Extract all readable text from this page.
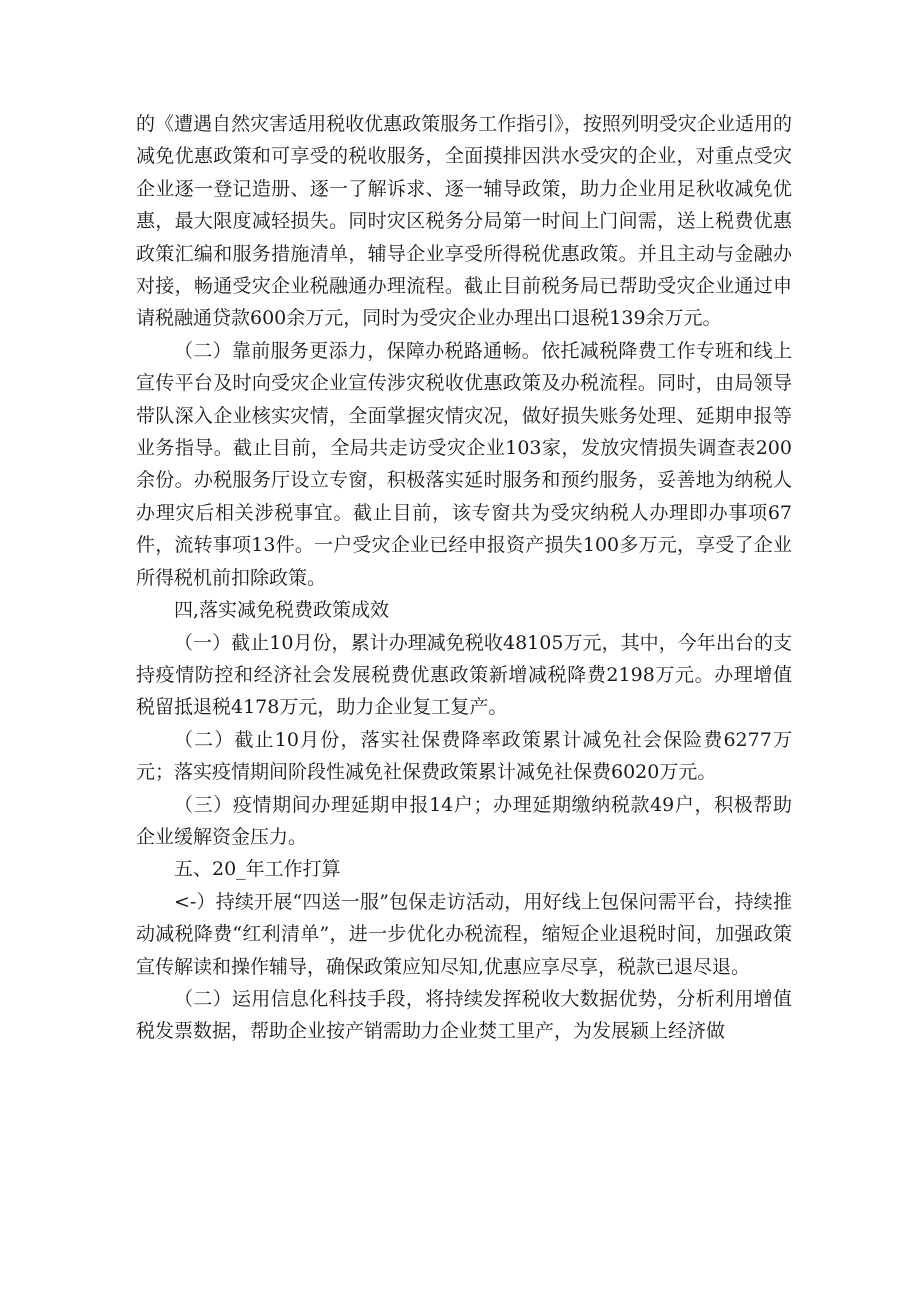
的《遭遇自然灾害适用税收优惠政策服务工作指引》，按照列明受灾企业适用的减免优惠政策和可享受的税收服务，全面摸排因洪水受灾的企业，对重点受灾企业逐一登记造册、逐一了解诉求、逐一辅导政策，助力企业用足秋收减免优惠，最大限度减轻损失。同时灾区税务分局第一时间上门间需，送上税费优惠政策汇编和服务措施清单，辅导企业享受所得税优惠政策。并且主动与金融办对接，畅通受灾企业税融通办理流程。截止目前税务局已帮助受灾企业通过申请税融通贷款600余万元，同时为受灾企业办理出口退税139余万元。

（二）靠前服务更添力，保障办税路通畅。依托减税降费工作专班和线上宣传平台及时向受灾企业宣传涉灾税收优惠政策及办税流程。同时，由局领导带队深入企业核实灾情，全面掌握灾情灾况，做好损失账务处理、延期申报等业务指导。截止目前，全局共走访受灾企业103家，发放灾情损失调查表200余份。办税服务厅设立专窗，积极落实延时服务和预约服务，妥善地为纳税人办理灾后相关涉税事宜。截止目前，该专窗共为受灾纳税人办理即办事项67件，流转事项13件。一户受灾企业已经申报资产损失100多万元，享受了企业所得税机前扣除政策。

四,落实减免税费政策成效

（一）截止10月份，累计办理减免税收48105万元，其中，今年出台的支持疫情防控和经济社会发展税费优惠政策新增减税降费2198万元。办理增值税留抵退税4178万元，助力企业复工复产。

（二）截止10月份，落实社保费降率政策累计减免社会保险费6277万元；落实疫情期间阶段性减免社保费政策累计减免社保费6020万元。

（三）疫情期间办理延期申报14户；办理延期缴纳税款49户，积极帮助企业缓解资金压力。

五、20_年工作打算

<-）持续开展“四送一服”包保走访活动，用好线上包保问需平台，持续推动减税降费“红利清单”，进一步优化办税流程，缩短企业退税时间，加强政策宣传解读和操作辅导，确保政策应知尽知,优惠应享尽享，税款已退尽退。

（二）运用信息化科技手段，将持续发挥税收大数据优势，分析利用增值税发票数据，帮助企业按产销需助力企业焚工里产，为发展颍上经济做
